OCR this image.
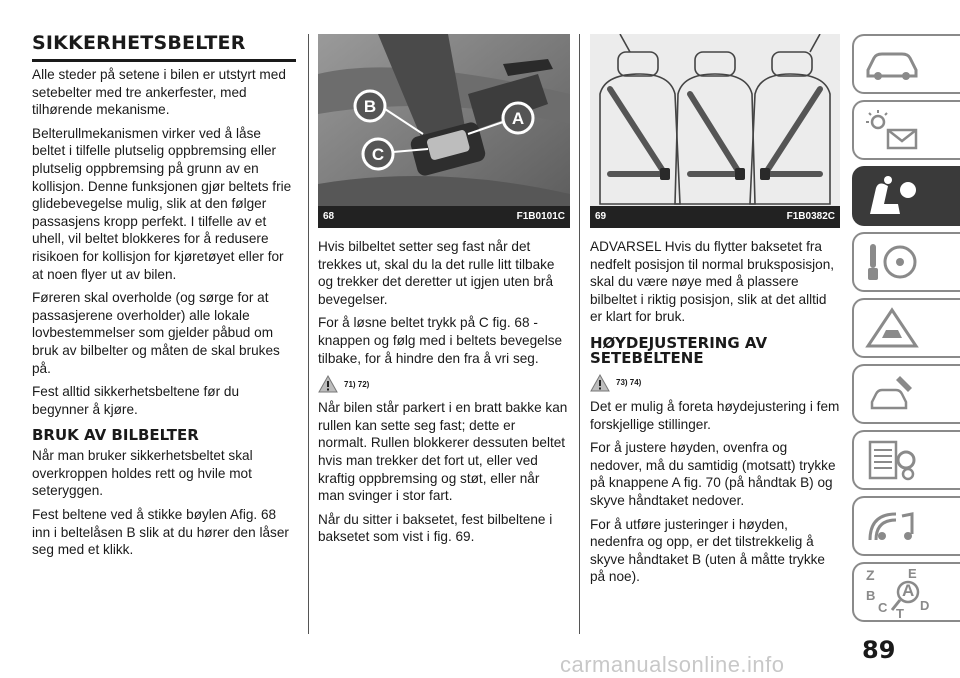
SIKKERHETSBELTER

Alle steder på setene i bilen er utstyrt med setebelter med tre ankerfester, med tilhørende mekanisme.

Belterullmekanismen virker ved å låse beltet i tilfelle plutselig oppbremsing eller plutselig oppbremsing på grunn av en kollisjon. Denne funksjonen gjør beltets frie glidebevegelse mulig, slik at den følger passasjens kropp perfekt. I tilfelle av et uhell, vil beltet blokkeres for å redusere risikoen for kollisjon for kjøretøyet eller for at noen flyer ut av bilen.

Føreren skal overholde (og sørge for at passasjerene overholder) alle lokale lovbestemmelser som gjelder påbud om bruk av bilbelter og måten de skal brukes på.

Fest alltid sikkerhetsbeltene før du begynner å kjøre.

BRUK AV BILBELTER

Når man bruker sikkerhetsbeltet skal overkroppen holdes rett og hvile mot seteryggen.

Fest beltene ved å stikke bøylen Afig. 68 inn i beltelåsen B slik at du hører den låser seg med et klikk.

B
A
C
68	F1B0101C	69	F1B0382C

Hvis bilbeltet setter seg fast når det trekkes ut, skal du la det rulle litt tilbake og trekker det deretter ut igjen uten brå bevegelser.

For å løsne beltet trykk på C fig. 68 -knappen og følg med i beltets bevegelse tilbake, for å hindre den fra å vri seg.

71) 72)

Når bilen står parkert i en bratt bakke kan rullen kan sette seg fast; dette er normalt. Rullen blokkerer dessuten beltet hvis man trekker det fort ut, eller ved kraftig oppbremsing og støt, eller når man svinger i stor fart.

Når du sitter i baksetet, fest bilbeltene i baksetet som vist i fig. 69.

ADVARSEL Hvis du flytter baksetet fra nedfelt posisjon til normal bruksposisjon, skal du være nøye med å plassere bilbeltet i riktig posisjon, slik at det alltid er klart for bruk.

HØYDEJUSTERING AV SETEBELTENE
73) 74)

Det er mulig å foreta høydejustering i fem forskjellige stillinger.

For å justere høyden, ovenfra og nedover, må du samtidig (motsatt) trykke på knappene A fig. 70 (på håndtak B) og skyve håndtaket nedover.

For å utføre justeringer i høyden, nedenfra og opp, er det tilstrekkelig å skyve håndtaket B (uten å måtte trykke på noe).	Z	E
A
B
C T
D
89
carmanualsonline.info
